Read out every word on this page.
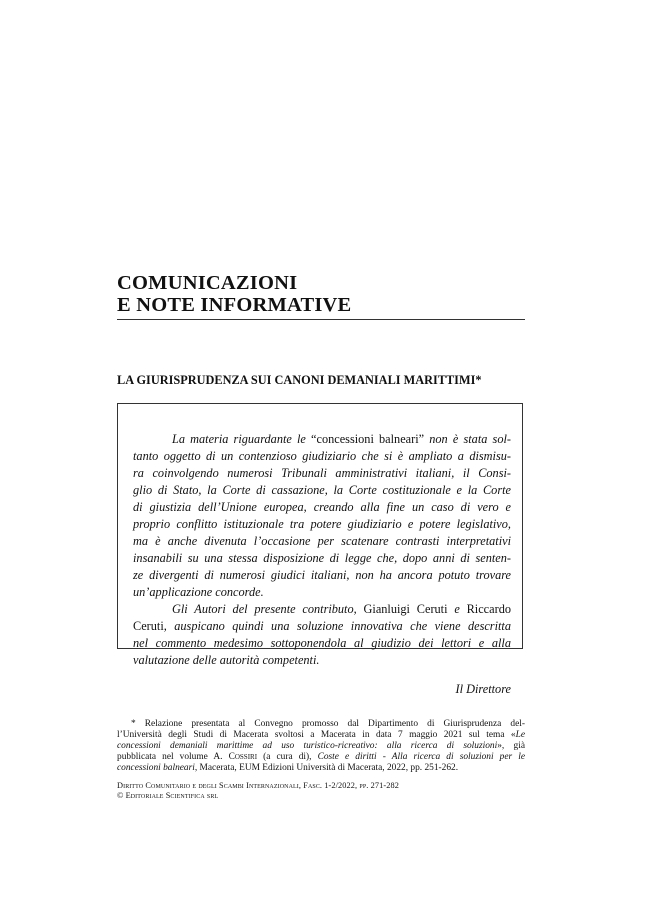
COMUNICAZIONI
E NOTE INFORMATIVE
LA GIURISPRUDENZA SUI CANONI DEMANIALI MARITTIMI*
La materia riguardante le “concessioni balneari” non è stata sol-
tanto oggetto di un contenzioso giudiziario che si è ampliato a dismisu-
ra coinvolgendo numerosi Tribunali amministrativi italiani, il Consi-
glio di Stato, la Corte di cassazione, la Corte costituzionale e la Corte
di giustizia dell’Unione europea, creando alla fine un caso di vero e
proprio conflitto istituzionale tra potere giudiziario e potere legislativo,
ma è anche divenuta l’occasione per scatenare contrasti interpretativi
insanabili su una stessa disposizione di legge che, dopo anni di senten-
ze divergenti di numerosi giudici italiani, non ha ancora potuto trovare
un’applicazione concorde.
Gli Autori del presente contributo, Gianluigi Ceruti e Riccardo
Ceruti, auspicano quindi una soluzione innovativa che viene descritta
nel commento medesimo sottoponendola al giudizio dei lettori e alla
valutazione delle autorità competenti.
Il Direttore
* Relazione presentata al Convegno promosso dal Dipartimento di Giurisprudenza del-
l’Università degli Studi di Macerata svoltosi a Macerata in data 7 maggio 2021 sul tema «Le
concessioni demaniali marittime ad uso turistico-ricreativo: alla ricerca di soluzioni», già
pubblicata nel volume A. Cossiri (a cura di), Coste e diritti - Alla ricerca di soluzioni per le
concessioni balneari, Macerata, EUM Edizioni Università di Macerata, 2022, pp. 251-262.
Diritto Comunitario e degli Scambi Internazionali, Fasc. 1-2/2022, pp. 271-282
© Editoriale Scientifica srl
